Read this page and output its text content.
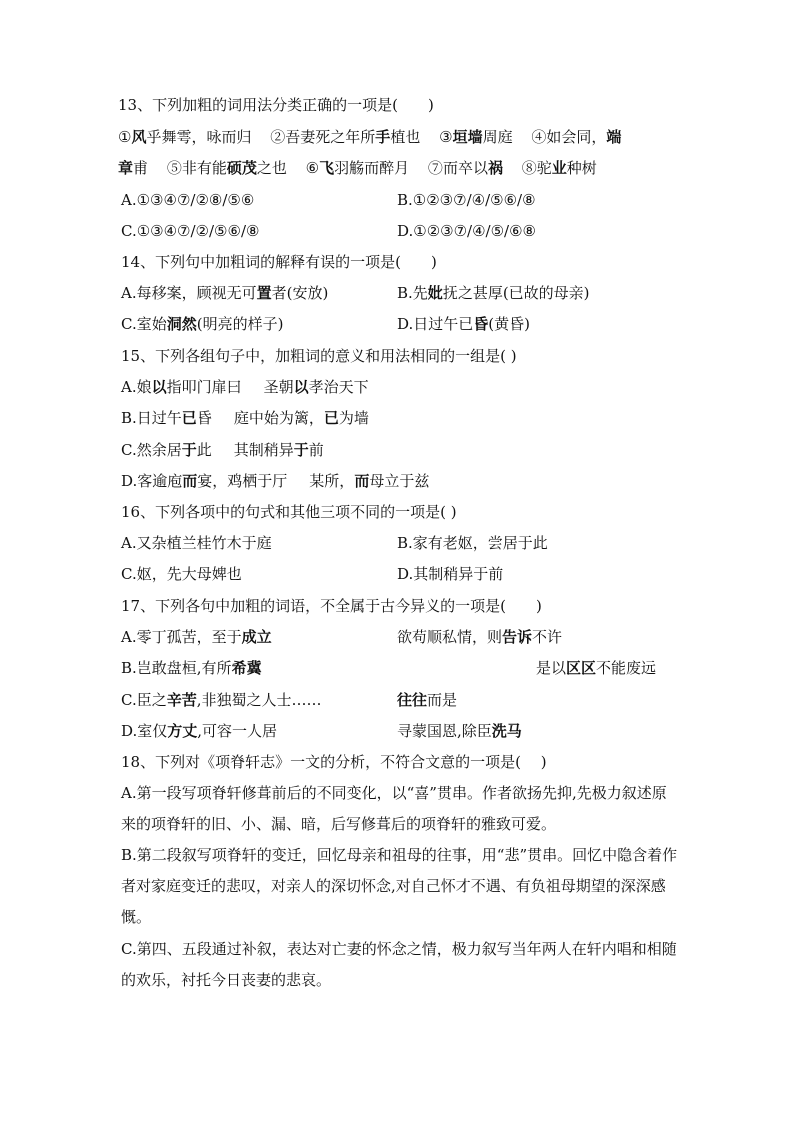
13、下列加粗的词用法分类正确的一项是(　　)
①风乎舞雩，咏而归 ②吾妻死之年所手植也 ③垣墙周庭 ④如会同，端
章甫 ⑤非有能硕茂之也 ⑥飞羽觞而醉月 ⑦而卒以祸 ⑧驼业种树
A.①③④⑦/②⑧/⑤⑥	B.①②③⑦/④/⑤⑥/⑧
C.①③④⑦/②/⑤⑥/⑧	D.①②③⑦/④/⑤/⑥⑧
14、下列句中加粗词的解释有误的一项是(　　)
A.每移案，顾视无可置者(安放)	B.先妣抚之甚厚(已故的母亲)
C.室始洞然(明亮的样子)	D.日过午已昏(黄昏)
15、下列各组句子中，加粗词的意义和用法相同的一组是( )
A.娘以指叩门扉曰 圣朝以孝治天下
B.日过午已昏 庭中始为篱，已为墙
C.然余居于此 其制稍异于前
D.客逾庖而宴，鸡栖于厅 某所，而母立于兹
16、下列各项中的句式和其他三项不同的一项是( )
A.又杂植兰桂竹木于庭	B.家有老妪，尝居于此
C.妪，先大母婢也	D.其制稍异于前
17、下列各句中加粗的词语，不全属于古今异义的一项是(　　)
A.零丁孤苦，至于成立	欲苟顺私情，则告诉不许
B.岂敢盘桓,有所希冀	是以区区不能废远
C.臣之辛苦,非独蜀之人士……	往往而是
D.室仅方丈,可容一人居	寻蒙国恩,除臣洗马
18、下列对《项脊轩志》一文的分析，不符合文意的一项是(　 )
A.第一段写项脊轩修葺前后的不同变化，以“喜”贯串。作者欲扬先抑,先极力叙述原来的项脊轩的旧、小、漏、暗，后写修葺后的项脊轩的雅致可爱。
B.第二段叙写项脊轩的变迁，回忆母亲和祖母的往事，用“悲”贯串。回忆中隐含着作者对家庭变迁的悲叹，对亲人的深切怀念,对自己怀才不遇、有负祖母期望的深深感慨。
C.第四、五段通过补叙，表达对亡妻的怀念之情，极力叙写当年两人在轩内唱和相随的欢乐，衬托今日丧妻的悲哀。
